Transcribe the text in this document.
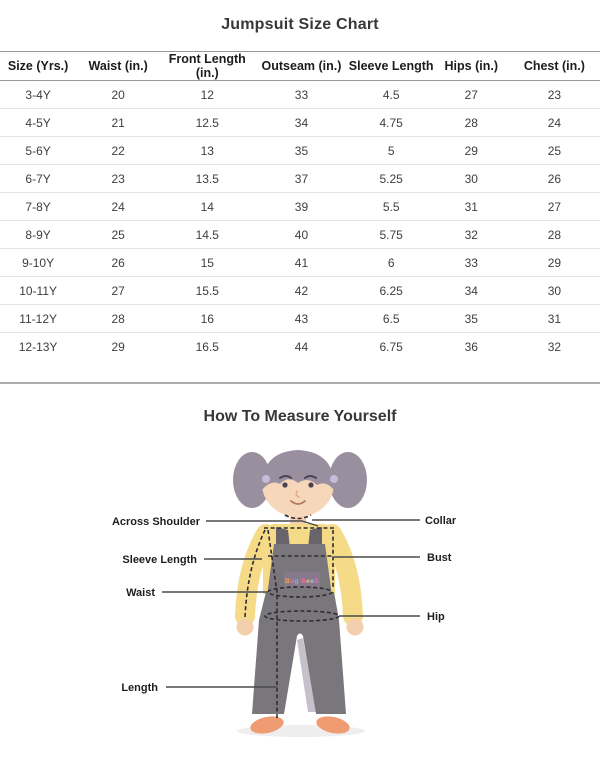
Jumpsuit Size Chart
Size (Yrs.)	Waist (in.)	Front Length (in.)	Outseam (in.)	Sleeve Length	Hips (in.)	Chest (in.)
3-4Y	20	12	33	4.5	27	23
4-5Y	21	12.5	34	4.75	28	24
5-6Y	22	13	35	5	29	25
6-7Y	23	13.5	37	5.25	30	26
7-8Y	24	14	39	5.5	31	27
8-9Y	25	14.5	40	5.75	32	28
9-10Y	26	15	41	6	33	29
10-11Y	27	15.5	42	6.25	34	30
11-12Y	28	16	43	6.5	35	31
12-13Y	29	16.5	44	6.75	36	32
How To Measure Yourself
Bug BeeS
Across Shoulder
Sleeve Length
Waist
Length
Collar
Bust
Hip
